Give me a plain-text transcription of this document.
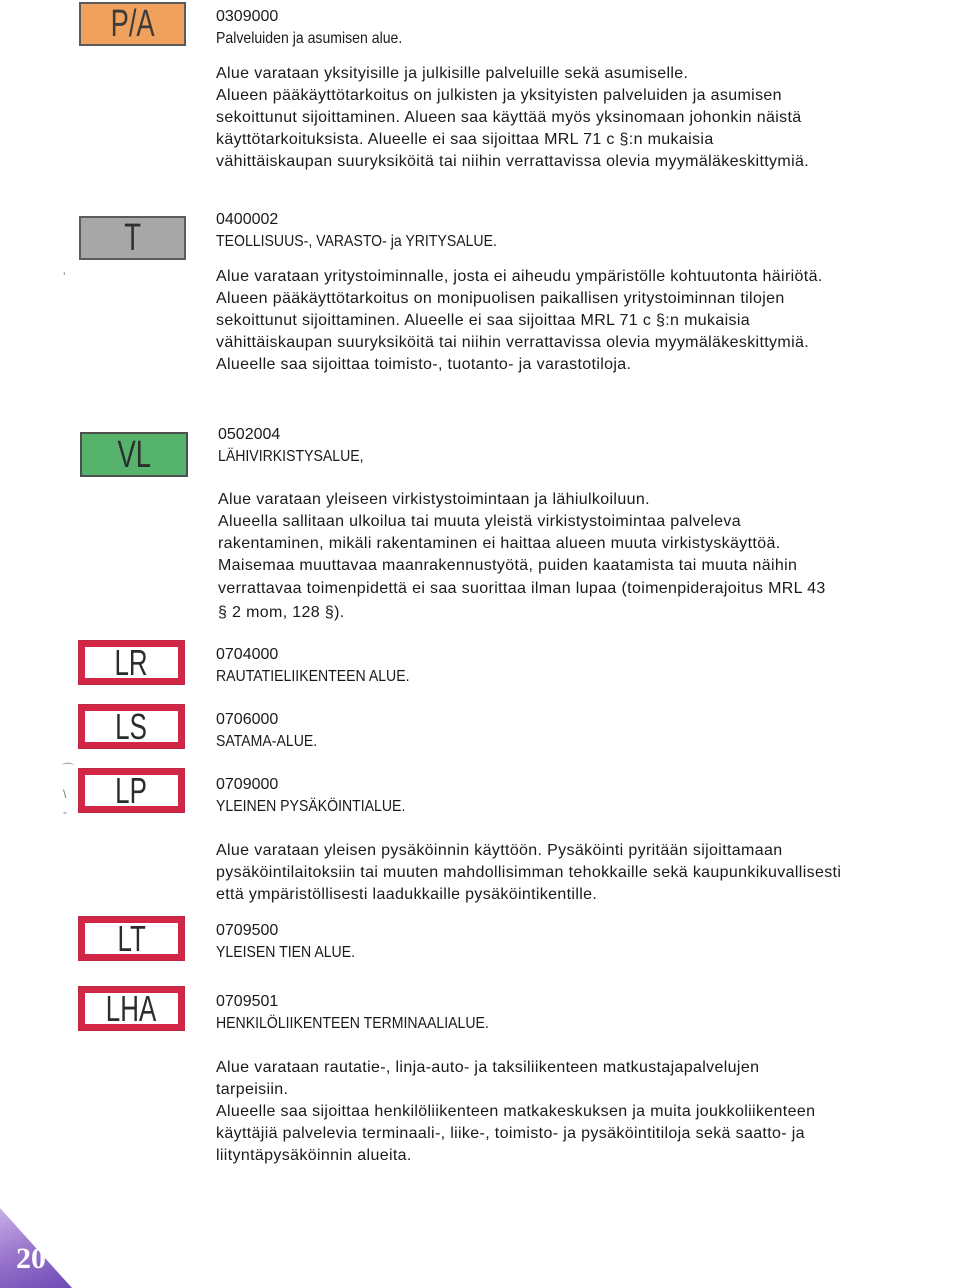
P/A
T
VL
LR
LS
LP
LT
LHA
0309000
Palveluiden ja asumisen alue.
Alue varataan yksityisille ja julkisille palveluille sekä asumiselle.
Alueen pääkäyttötarkoitus on julkisten ja yksityisten palveluiden ja asumisen
sekoittunut sijoittaminen. Alueen saa käyttää myös yksinomaan johonkin näistä
käyttötarkoituksista. Alueelle ei saa sijoittaa MRL 71 c §:n mukaisia
vähittäiskaupan suuryksiköitä tai niihin verrattavissa olevia myymäläkeskittymiä.
0400002
TEOLLISUUS-, VARASTO- ja YRITYSALUE.
Alue varataan yritystoiminnalle, josta ei aiheudu ympäristölle kohtuutonta häiriötä.
Alueen pääkäyttötarkoitus on monipuolisen paikallisen yritystoiminnan tilojen
sekoittunut sijoittaminen. Alueelle ei saa sijoittaa MRL 71 c §:n mukaisia
vähittäiskaupan suuryksiköitä tai niihin verrattavissa olevia myymäläkeskittymiä.
Alueelle saa sijoittaa toimisto-, tuotanto- ja varastotiloja.
ʼ
0502004
LÄHIVIRKISTYSALUE,
Alue varataan yleiseen virkistystoimintaan ja lähiulkoiluun.
Alueella sallitaan ulkoilua tai muuta yleistä virkistystoimintaa palveleva
rakentaminen, mikäli rakentaminen ei haittaa alueen muuta virkistyskäyttöä.
Maisemaa muuttavaa maanrakennustyötä, puiden kaatamista tai muuta näihin
verrattavaa toimenpidettä ei saa suorittaa ilman lupaa (toimenpiderajoitus MRL 43
§ 2 mom, 128 §).
0704000
RAUTATIELIIKENTEEN ALUE.
0706000
SATAMA-ALUE.
⌒
\
‑
0709000
YLEINEN PYSÄKÖINTIALUE.
Alue varataan yleisen pysäköinnin käyttöön. Pysäköinti pyritään sijoittamaan
pysäköintilaitoksiin tai muuten mahdollisimman tehokkaille sekä kaupunkikuvallisesti
että ympäristöllisesti laadukkaille pysäköintikentille.
0709500
YLEISEN TIEN ALUE.
0709501
HENKILÖLIIKENTEEN TERMINAALIALUE.
Alue varataan rautatie-, linja-auto- ja taksiliikenteen matkustajapalvelujen
tarpeisiin.
Alueelle saa sijoittaa henkilöliikenteen matkakeskuksen ja muita joukkoliikenteen
käyttäjiä palvelevia terminaali-, liike-, toimisto- ja pysäköintitiloja sekä saatto- ja
liityntäpysäköinnin alueita.
20
